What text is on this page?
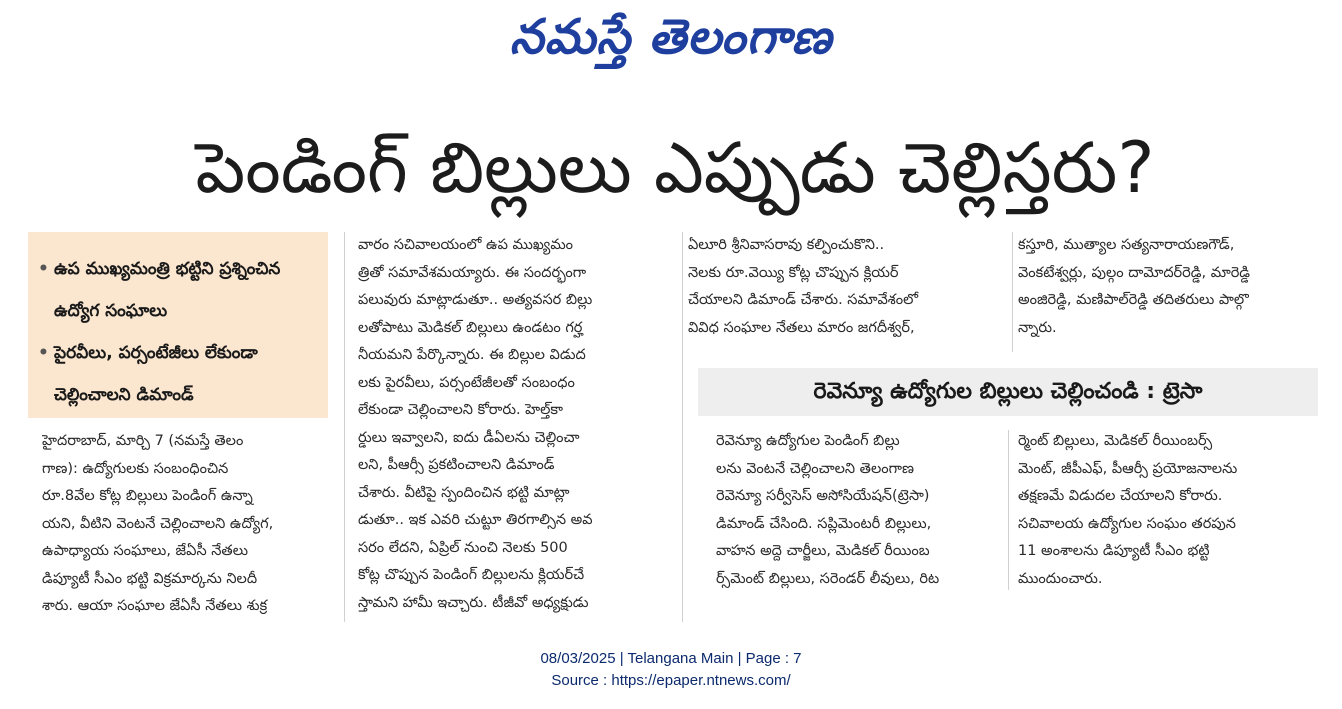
నమస్తే తెలంగాణ
పెండింగ్ బిల్లులు ఎప్పుడు చెల్లిస్తరు?
• ఉప ముఖ్యమంత్రి భట్టిని ప్రశ్నించిన ఉద్యోగ సంఘాలు
• పైరవీలు, పర్సంటేజీలు లేకుండా చెల్లించాలని డిమాండ్
హైదరాబాద్, మార్చి 7 (నమస్తే తెలం
గాణ): ఉద్యోగులకు సంబంధించిన
రూ.8వేల కోట్ల బిల్లులు పెండింగ్ ఉన్నా
యని, వీటిని వెంటనే చెల్లించాలని ఉద్యోగ,
ఉపాధ్యాయ సంఘాలు, జేఏసీ నేతలు
డిప్యూటీ సీఎం భట్టి విక్రమార్కను నిలదీ
శారు. ఆయా సంఘాల జేఏసీ నేతలు శుక్ర
వారం సచివాలయంలో ఉప ముఖ్యమం
త్రితో సమావేశమయ్యారు. ఈ సందర్భంగా
పలువురు మాట్లాడుతూ.. అత్యవసర బిల్లు
లతోపాటు మెడికల్ బిల్లులు ఉండటం గర్హ
నీయమని పేర్కొన్నారు. ఈ బిల్లుల విడుద
లకు పైరవీలు, పర్సంటేజీలతో సంబంధం
లేకుండా చెల్లించాలని కోరారు. హెల్త్‌కా
ర్డులు ఇవ్వాలని, ఐదు డీఏలను చెల్లించా
లని, పీఆర్సీ ప్రకటించాలని డిమాండ్
చేశారు. వీటిపై స్పందించిన భట్టి మాట్లా
డుతూ.. ఇక ఎవరి చుట్టూ తిరగాల్సిన అవ
సరం లేదని, ఏప్రిల్ నుంచి నెలకు 500
కోట్ల చొప్పున పెండింగ్ బిల్లులను క్లియర్‌చే
స్తామని హామీ ఇచ్చారు. టీజీవో అధ్యక్షుడు
ఏలూరి శ్రీనివాసరావు కల్పించుకొని..
నెలకు రూ.వెయ్యి కోట్ల చొప్పున క్లియర్
చేయాలని డిమాండ్ చేశారు. సమావేశంలో
వివిధ సంఘాల నేతలు మారం జగదీశ్వర్,
కస్తూరి, ముత్యాల సత్యనారాయణగౌడ్,
వెంకటేశ్వర్లు, పుల్గం దామోదర్‌రెడ్డి, మారెడ్డి
అంజిరెడ్డి, మణిపాల్‌రెడ్డి తదితరులు పాల్గొ
న్నారు.
రెవెన్యూ ఉద్యోగుల బిల్లులు చెల్లించండి : ట్రెసా
రెవెన్యూ ఉద్యోగుల పెండింగ్ బిల్లు
లను వెంటనే చెల్లించాలని తెలంగాణ
రెవెన్యూ సర్వీసెస్ అసోసియేషన్(ట్రెసా)
డిమాండ్ చేసింది. సప్లిమెంటరీ బిల్లులు,
వాహన అద్దె చార్జీలు, మెడికల్ రీయింబ
ర్స్‌మెంట్ బిల్లులు, సరెండర్ లీవులు, రిట
ర్మెంట్ బిల్లులు, మెడికల్ రీయింబర్స్
మెంట్, జీపీఎఫ్, పీఆర్సీ ప్రయోజనాలను
తక్షణమే విడుదల చేయాలని కోరారు.
సచివాలయ ఉద్యోగుల సంఘం తరపున
11 అంశాలను డిప్యూటీ సీఎం భట్టి
ముందుంచారు.
08/03/2025 | Telangana Main | Page : 7
Source : https://epaper.ntnews.com/
